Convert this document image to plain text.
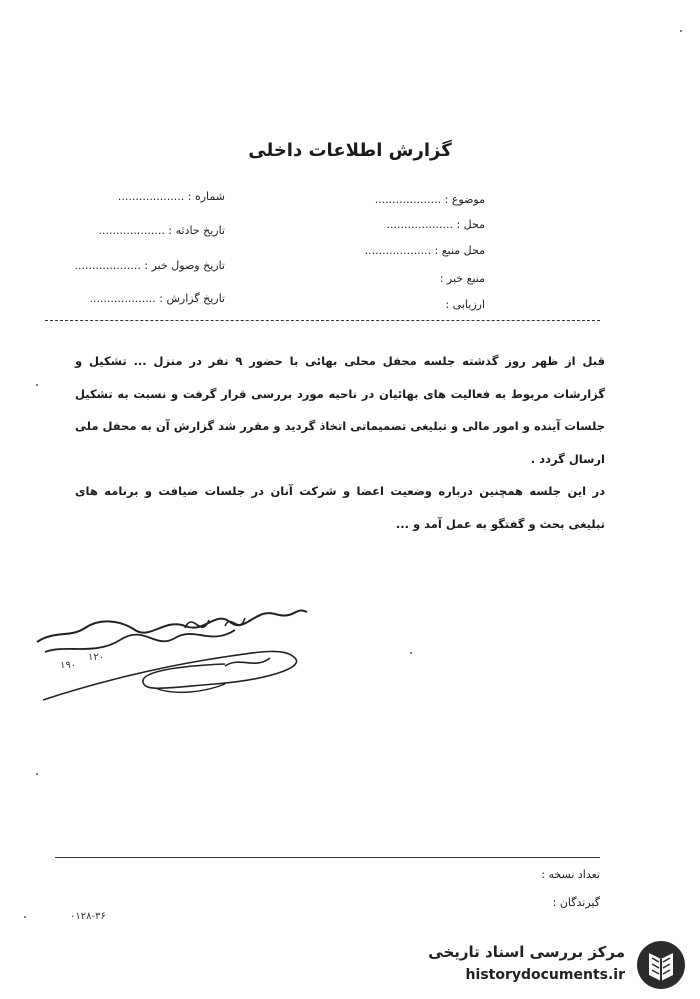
گزارش اطلاعات داخلی
موضوع : ...................
محل : ...................
محل منبع : ...................
منبع خبر :
ارزیابی :
شماره : ...................
تاریخ حادثه : ...................
تاریخ وصول خبر : ...................
تاریخ گزارش : ...................

قبل از ظهر روز گذشته جلسه محفل محلی بهائی با حضور ۹ نفر در منزل ... تشکیل و گزارشات مربوط به فعالیت های بهائیان در ناحیه مورد بررسی قرار گرفت و نسبت به تشکیل جلسات آینده و امور مالی و تبلیغی تصمیماتی اتخاذ گردید و مقرر شد گزارش آن به محفل ملی ارسال گردد .

در این جلسه همچنین درباره وضعیت اعضا و شرکت آنان در جلسات ضیافت و برنامه های تبلیغی بحث و گفتگو به عمل آمد و ...

۱۲۰
۱۹۰
تعداد نسخه :
گیرندگان :
۰۱۲۸-۳۶
مرکز بررسی اسناد تاریخی
historydocuments.ir
